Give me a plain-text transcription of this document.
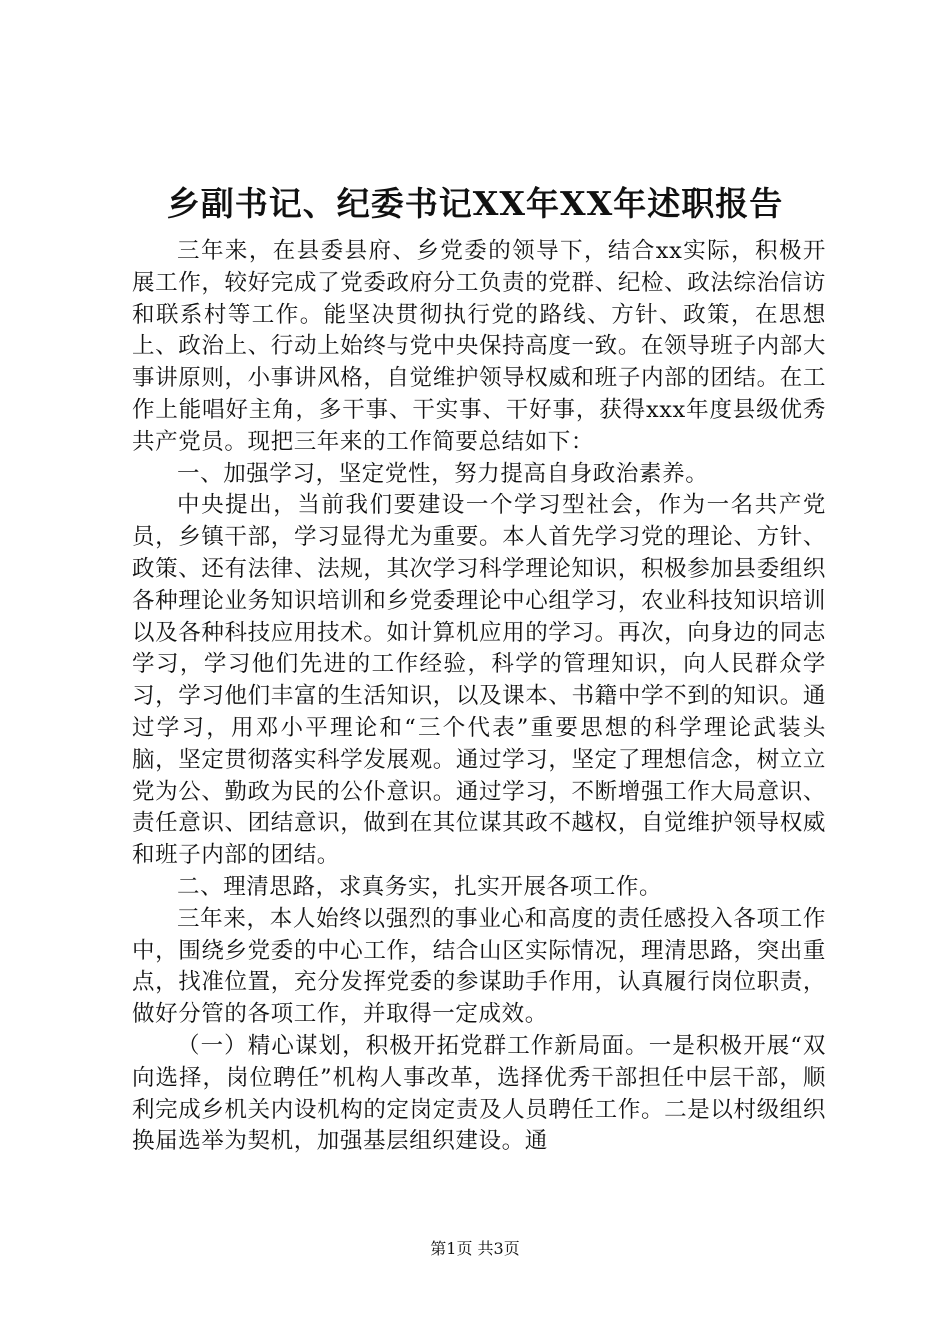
乡副书记、纪委书记XX年XX年述职报告

三年来，在县委县府、乡党委的领导下，结合xx实际，积极开展工作，较好完成了党委政府分工负责的党群、纪检、政法综治信访和联系村等工作。能坚决贯彻执行党的路线、方针、政策，在思想上、政治上、行动上始终与党中央保持高度一致。在领导班子内部大事讲原则，小事讲风格，自觉维护领导权威和班子内部的团结。在工作上能唱好主角，多干事、干实事、干好事，获得xxx年度县级优秀共产党员。现把三年来的工作简要总结如下：

一、加强学习，坚定党性，努力提高自身政治素养。

中央提出，当前我们要建设一个学习型社会，作为一名共产党员，乡镇干部，学习显得尤为重要。本人首先学习党的理论、方针、政策、还有法律、法规，其次学习科学理论知识，积极参加县委组织各种理论业务知识培训和乡党委理论中心组学习，农业科技知识培训以及各种科技应用技术。如计算机应用的学习。再次，向身边的同志学习，学习他们先进的工作经验，科学的管理知识，向人民群众学习，学习他们丰富的生活知识，以及课本、书籍中学不到的知识。通过学习，用邓小平理论和“三个代表”重要思想的科学理论武装头脑，坚定贯彻落实科学发展观。通过学习，坚定了理想信念，树立立党为公、勤政为民的公仆意识。通过学习，不断增强工作大局意识、责任意识、团结意识，做到在其位谋其政不越权，自觉维护领导权威和班子内部的团结。

二、理清思路，求真务实，扎实开展各项工作。

三年来，本人始终以强烈的事业心和高度的责任感投入各项工作中，围绕乡党委的中心工作，结合山区实际情况，理清思路，突出重点，找准位置，充分发挥党委的参谋助手作用，认真履行岗位职责，做好分管的各项工作，并取得一定成效。

（一）精心谋划，积极开拓党群工作新局面。一是积极开展“双向选择，岗位聘任”机构人事改革，选择优秀干部担任中层干部，顺利完成乡机关内设机构的定岗定责及人员聘任工作。二是以村级组织换届选举为契机，加强基层组织建设。通

第1页 共3页
